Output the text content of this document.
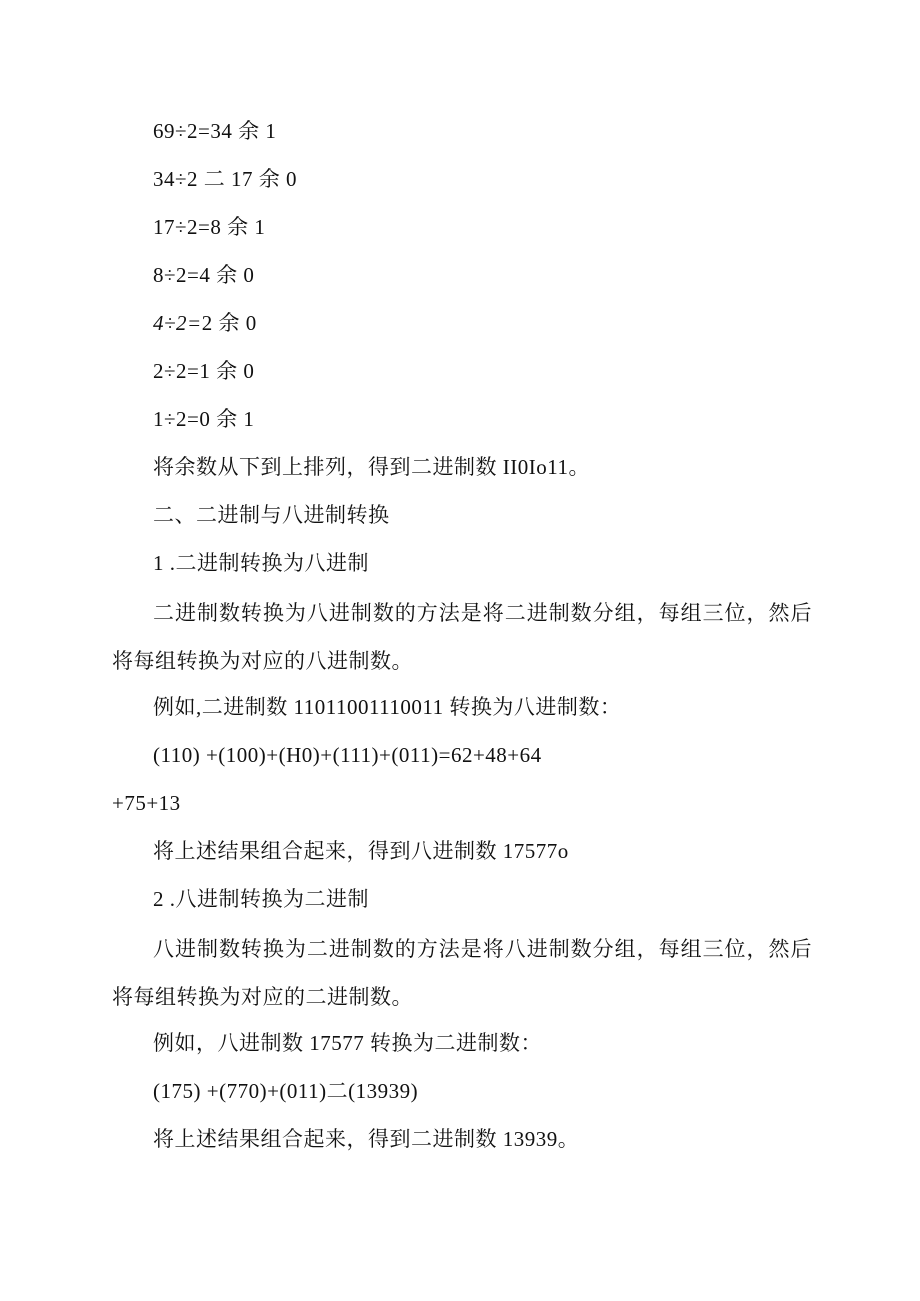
69÷2=34 余 1
34÷2 二 17 余 0
17÷2=8 余 1
8÷2=4 余 0
4÷2=2 余 0
2÷2=1 余 0
1÷2=0 余 1
将余数从下到上排列，得到二进制数 II0Io11。
二、二进制与八进制转换
1 .二进制转换为八进制
二进制数转换为八进制数的方法是将二进制数分组，每组三位，然后将每组转换为对应的八进制数。
例如,二进制数 11011001110011 转换为八进制数：
(110) +(100)+(H0)+(111)+(011)=62+48+64
+75+13
将上述结果组合起来，得到八进制数 17577o
2 .八进制转换为二进制
八进制数转换为二进制数的方法是将八进制数分组，每组三位，然后将每组转换为对应的二进制数。
例如，八进制数 17577 转换为二进制数：
(175) +(770)+(011)二(13939)
将上述结果组合起来，得到二进制数 13939。
